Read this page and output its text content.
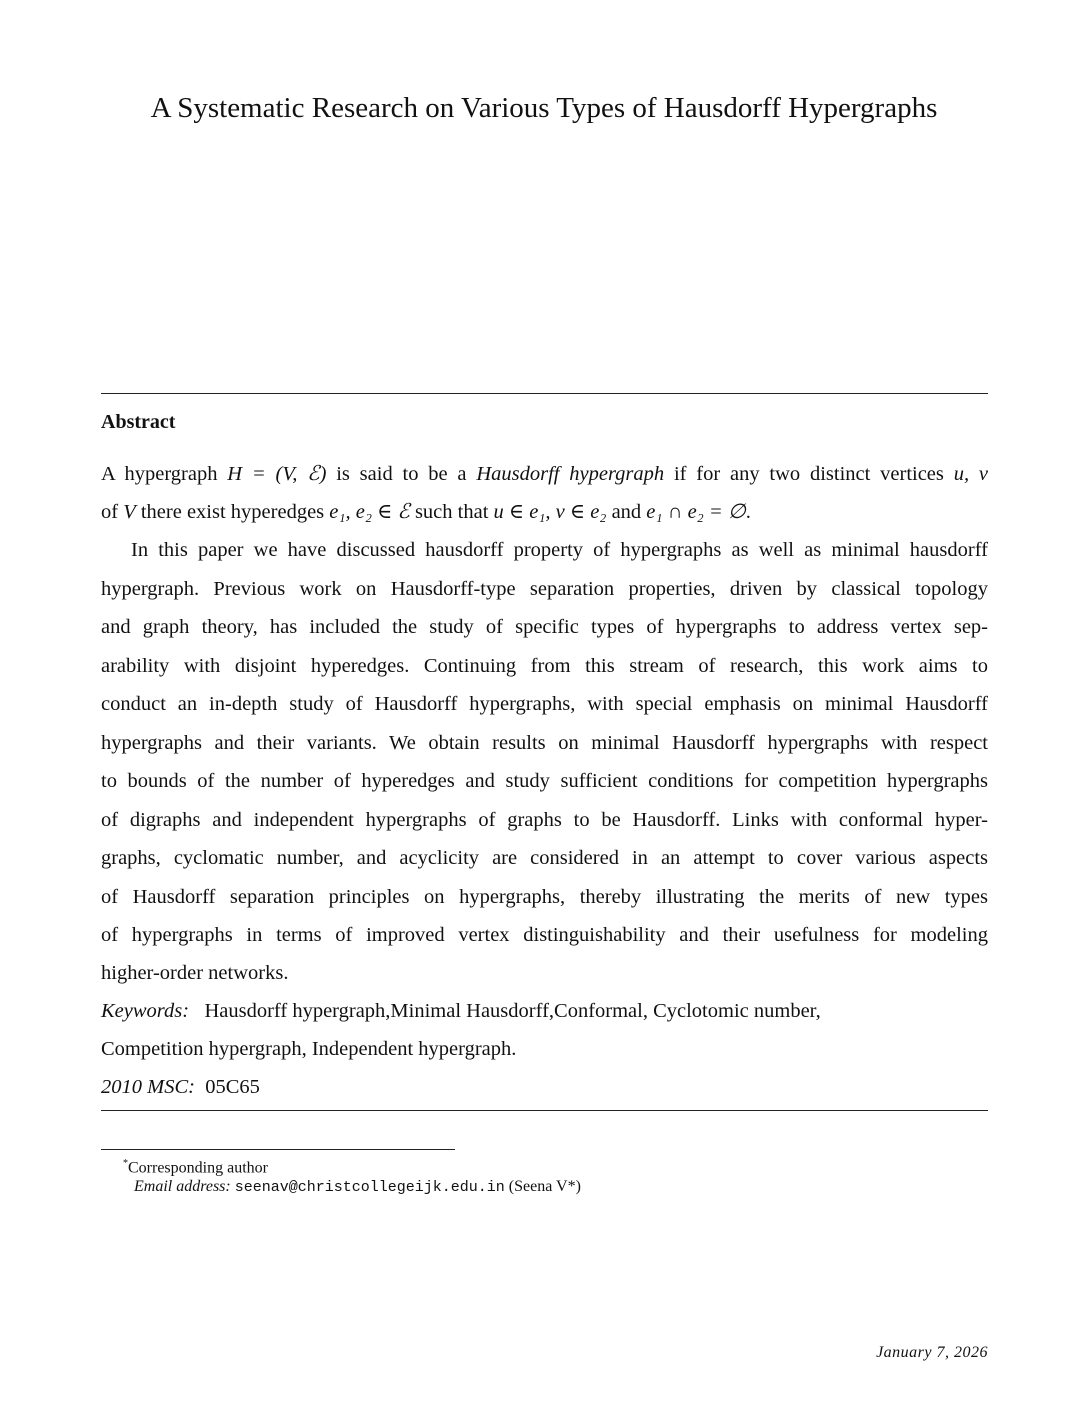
A Systematic Research on Various Types of Hausdorff Hypergraphs
Abstract
A hypergraph H = (V, ℰ) is said to be a Hausdorff hypergraph if for any two distinct vertices u, v
of V there exist hyperedges e₁, e₂ ∈ ℰ such that u ∈ e₁, v ∈ e₂ and e₁ ∩ e₂ = ∅.
In this paper we have discussed hausdorff property of hypergraphs as well as minimal hausdorff
hypergraph. Previous work on Hausdorff-type separation properties, driven by classical topology
and graph theory, has included the study of specific types of hypergraphs to address vertex sep-
arability with disjoint hyperedges. Continuing from this stream of research, this work aims to
conduct an in-depth study of Hausdorff hypergraphs, with special emphasis on minimal Hausdorff
hypergraphs and their variants. We obtain results on minimal Hausdorff hypergraphs with respect
to bounds of the number of hyperedges and study sufficient conditions for competition hypergraphs
of digraphs and independent hypergraphs of graphs to be Hausdorff. Links with conformal hyper-
graphs, cyclomatic number, and acyclicity are considered in an attempt to cover various aspects
of Hausdorff separation principles on hypergraphs, thereby illustrating the merits of new types
of hypergraphs in terms of improved vertex distinguishability and their usefulness for modeling
higher-order networks.
Keywords: Hausdorff hypergraph,Minimal Hausdorff,Conformal, Cyclotomic number,
Competition hypergraph, Independent hypergraph.
2010 MSC: 05C65
*Corresponding author
Email address: seenav@christcollegeijk.edu.in (Seena V*)
January 7, 2026
